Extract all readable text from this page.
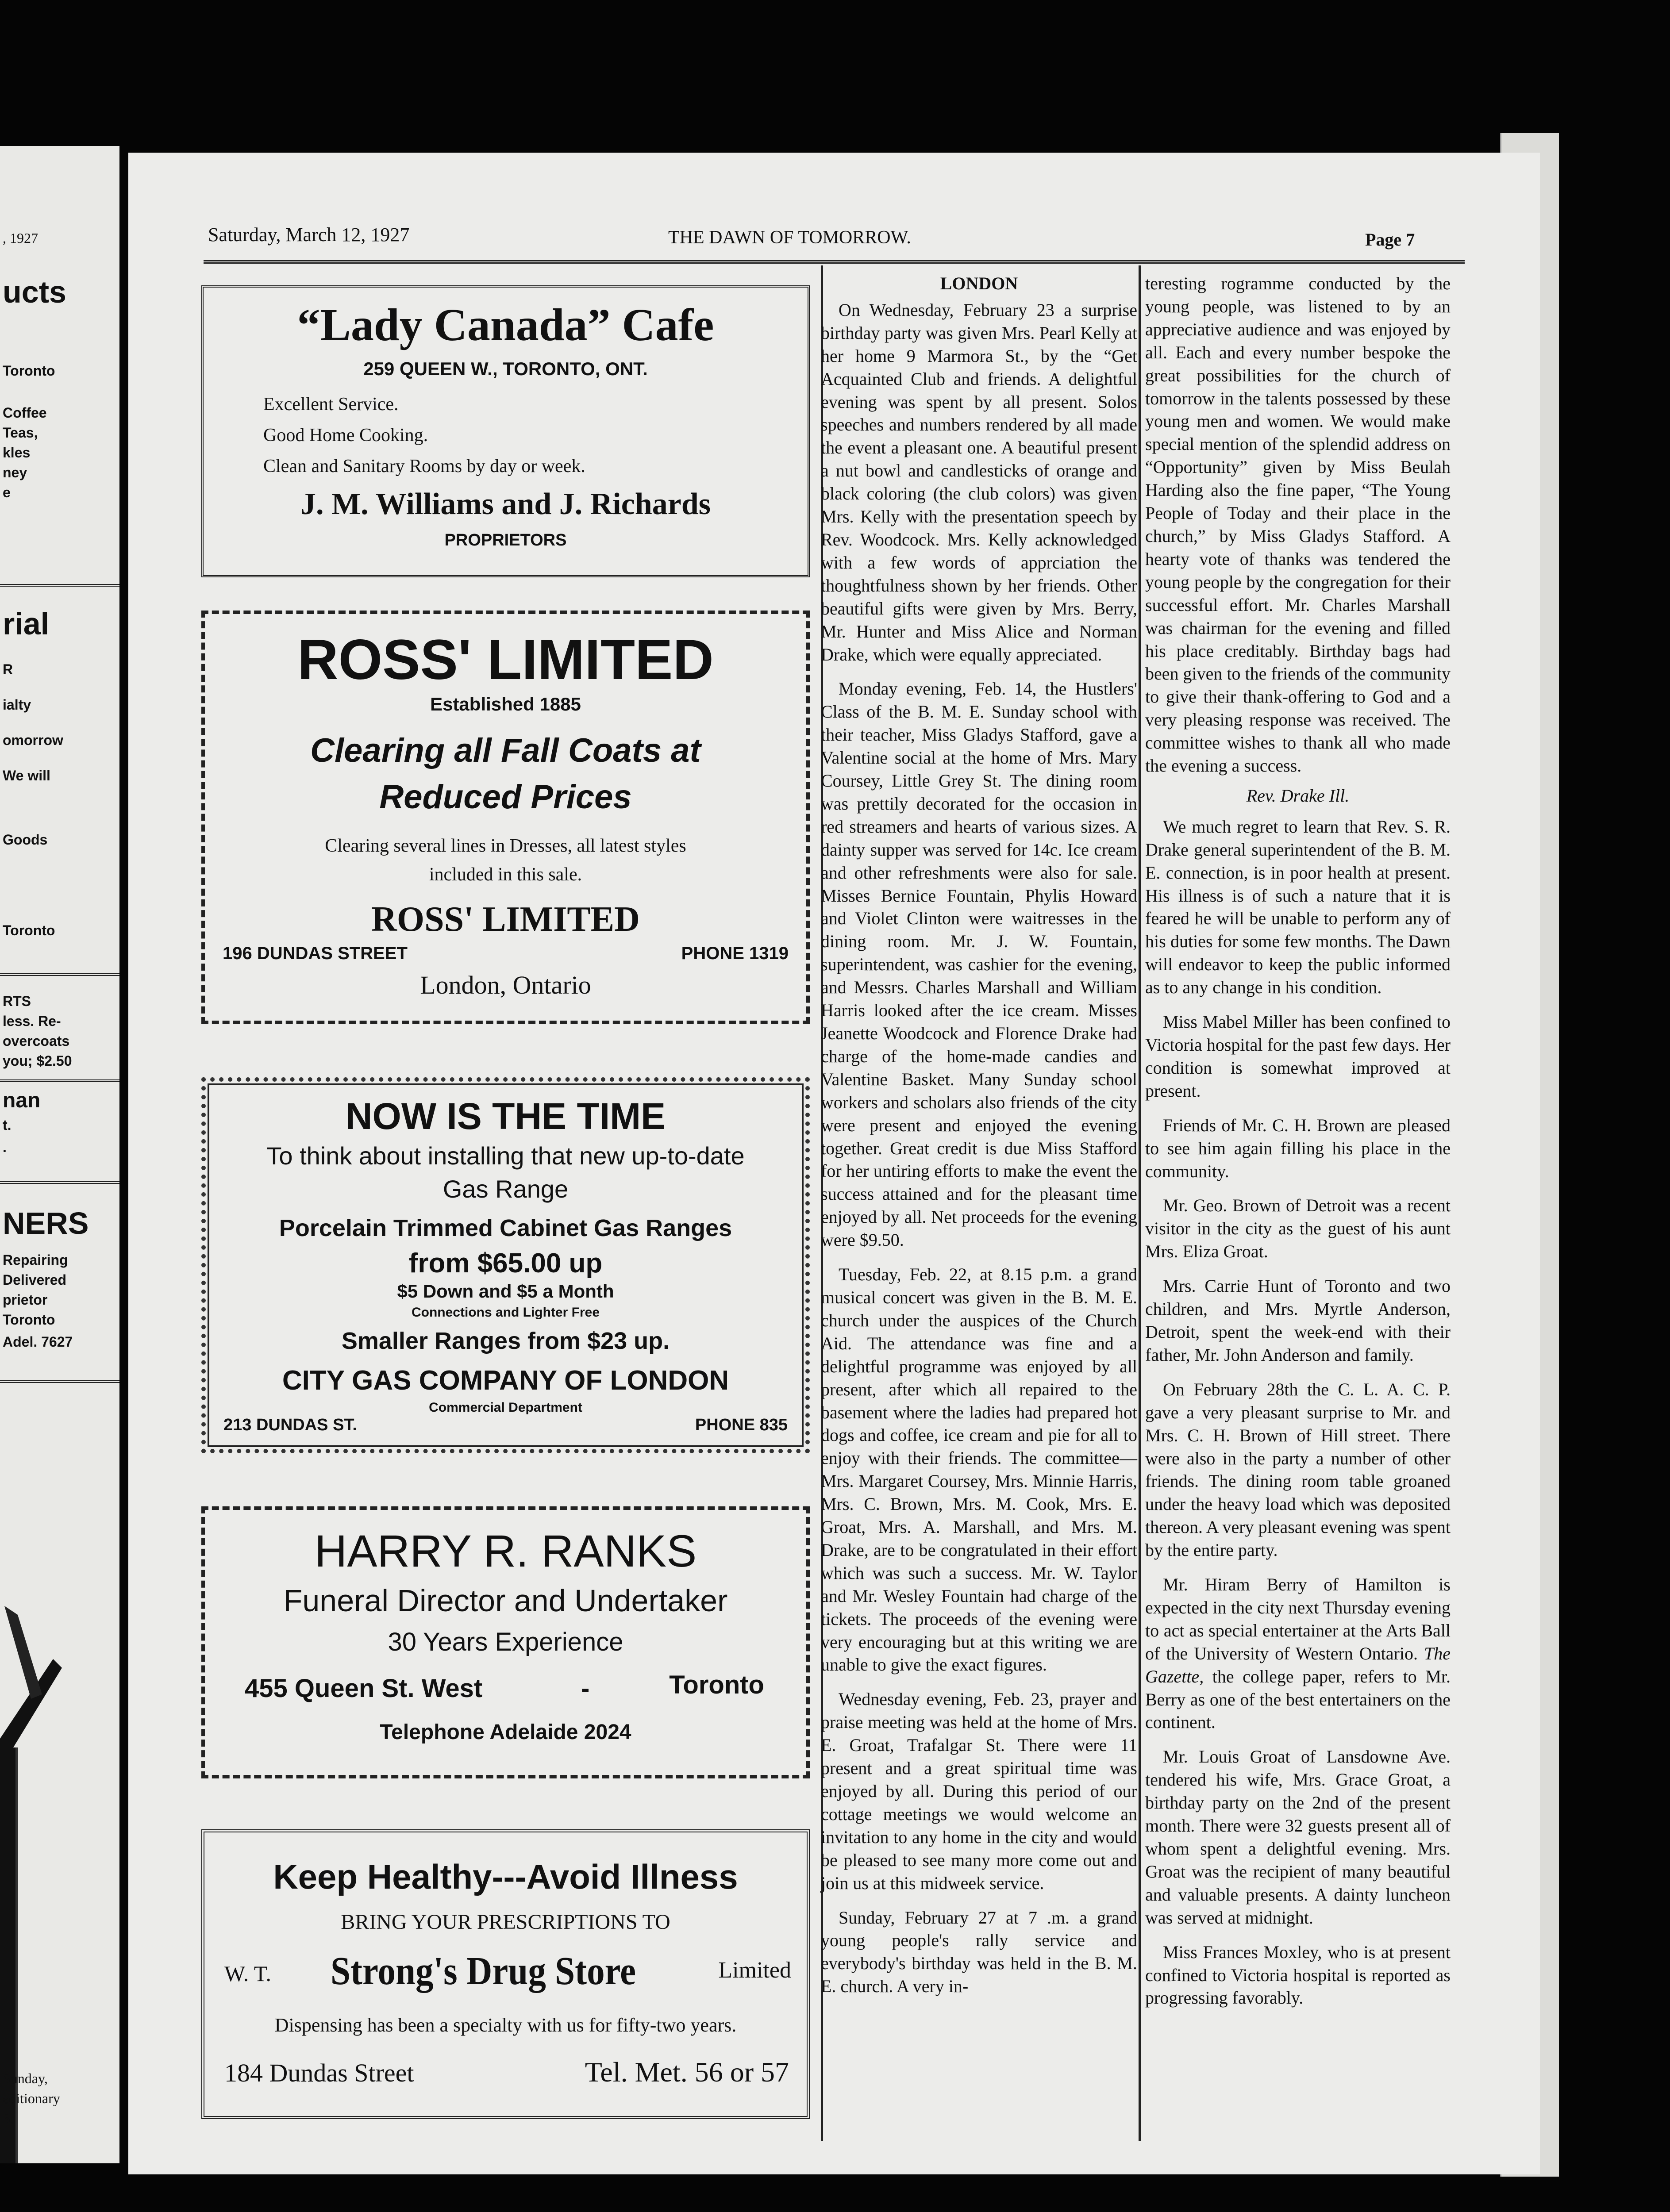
, 1927
ucts
Toronto
Coffee
Teas,
kles
ney
e
rial
R
ialty
omorrow
We will
Goods
Toronto
RTS
less. Re-
overcoats
you; $2.50
nan
t.
.
NERS
Repairing
Delivered
prietor
Toronto
Adel. 7627
Sunday,
editionary
S.
Saturday, March 12, 1927	THE DAWN OF TOMORROW.	Page 7
“Lady Canada” Cafe
259 QUEEN W., TORONTO, ONT.
Excellent Service.
Good Home Cooking.
Clean and Sanitary Rooms by day or week.
J. M. Williams and J. Richards
PROPRIETORS
ROSS' LIMITED
Established 1885
Clearing all Fall Coats at
Reduced Prices
Clearing several lines in Dresses, all latest styles
included in this sale.
ROSS' LIMITED
196 DUNDAS STREET	PHONE 1319
London, Ontario
NOW IS THE TIME
To think about installing that new up-to-date
Gas Range
Porcelain Trimmed Cabinet Gas Ranges
from $65.00 up
$5 Down and $5 a Month
Connections and Lighter Free
Smaller Ranges from $23 up.
CITY GAS COMPANY OF LONDON
Commercial Department
213 DUNDAS ST.	PHONE 835
HARRY R. RANKS
Funeral Director and Undertaker
30 Years Experience
455 Queen St. West	-	Toronto
Telephone Adelaide 2024
Keep Healthy---Avoid Illness
BRING YOUR PRESCRIPTIONS TO
W. T. Strong's Drug Store	Limited
Dispensing has been a specialty with us for fifty-two years.
184 Dundas Street	Tel. Met. 56 or 57
LONDON

On Wednesday, February 23 a surprise birthday party was given Mrs. Pearl Kelly at her home 9 Marmora St., by the “Get Acquainted Club and friends. A delightful evening was spent by all present. Solos speeches and numbers rendered by all made the event a pleasant one. A beautiful present a nut bowl and candlesticks of orange and black coloring (the club colors) was given Mrs. Kelly with the presentation speech by Rev. Woodcock. Mrs. Kelly acknowledged with a few words of apprciation the thoughtfulness shown by her friends. Other beautiful gifts were given by Mrs. Berry, Mr. Hunter and Miss Alice and Norman Drake, which were equally appreciated.

Monday evening, Feb. 14, the Hustlers' Class of the B. M. E. Sunday school with their teacher, Miss Gladys Stafford, gave a Valentine social at the home of Mrs. Mary Coursey, Little Grey St. The dining room was prettily decorated for the occasion in red streamers and hearts of various sizes. A dainty supper was served for 14c. Ice cream and other refreshments were also for sale. Misses Bernice Fountain, Phylis Howard and Violet Clinton were waitresses in the dining room. Mr. J. W. Fountain, superintendent, was cashier for the evening, and Messrs. Charles Marshall and William Harris looked after the ice cream. Misses Jeanette Woodcock and Florence Drake had charge of the home-made candies and Valentine Basket. Many Sunday school workers and scholars also friends of the city were present and enjoyed the evening together. Great credit is due Miss Stafford for her untiring efforts to make the event the success attained and for the pleasant time enjoyed by all. Net proceeds for the evening were $9.50.

Tuesday, Feb. 22, at 8.15 p.m. a grand musical concert was given in the B. M. E. church under the auspices of the Church Aid. The attendance was fine and a delightful programme was enjoyed by all present, after which all repaired to the basement where the ladies had prepared hot dogs and coffee, ice cream and pie for all to enjoy with their friends. The committee—Mrs. Margaret Coursey, Mrs. Minnie Harris, Mrs. C. Brown, Mrs. M. Cook, Mrs. E. Groat, Mrs. A. Marshall, and Mrs. M. Drake, are to be congratulated in their effort which was such a success. Mr. W. Taylor and Mr. Wesley Fountain had charge of the tickets. The proceeds of the evening were very encouraging but at this writing we are unable to give the exact figures.

Wednesday evening, Feb. 23, prayer and praise meeting was held at the home of Mrs. E. Groat, Trafalgar St. There were 11 present and a great spiritual time was enjoyed by all. During this period of our cottage meetings we would welcome an invitation to any home in the city and would be pleased to see many more come out and join us at this midweek service.

Sunday, February 27 at 7 .m. a grand young people's rally service and everybody's birthday was held in the B. M. E. church. A very in-

teresting rogramme conducted by the young people, was listened to by an appreciative audience and was enjoyed by all. Each and every number bespoke the great possibilities for the church of tomorrow in the talents possessed by these young men and women. We would make special mention of the splendid address on “Opportunity” given by Miss Beulah Harding also the fine paper, “The Young People of Today and their place in the church,” by Miss Gladys Stafford. A hearty vote of thanks was tendered the young people by the congregation for their successful effort. Mr. Charles Marshall was chairman for the evening and filled his place creditably. Birthday bags had been given to the friends of the community to give their thank-offering to God and a very pleasing response was received. The committee wishes to thank all who made the evening a success.

Rev. Drake Ill.

We much regret to learn that Rev. S. R. Drake general superintendent of the B. M. E. connection, is in poor health at present. His illness is of such a nature that it is feared he will be unable to perform any of his duties for some few months. The Dawn will endeavor to keep the public informed as to any change in his condition.

Miss Mabel Miller has been confined to Victoria hospital for the past few days. Her condition is somewhat improved at present.

Friends of Mr. C. H. Brown are pleased to see him again filling his place in the community.

Mr. Geo. Brown of Detroit was a recent visitor in the city as the guest of his aunt Mrs. Eliza Groat.

Mrs. Carrie Hunt of Toronto and two children, and Mrs. Myrtle Anderson, Detroit, spent the week-end with their father, Mr. John Anderson and family.

On February 28th the C. L. A. C. P. gave a very pleasant surprise to Mr. and Mrs. C. H. Brown of Hill street. There were also in the party a number of other friends. The dining room table groaned under the heavy load which was deposited thereon. A very pleasant evening was spent by the entire party.

Mr. Hiram Berry of Hamilton is expected in the city next Thursday evening to act as special entertainer at the Arts Ball of the University of Western Ontario. The Gazette, the college paper, refers to Mr. Berry as one of the best entertainers on the continent.

Mr. Louis Groat of Lansdowne Ave. tendered his wife, Mrs. Grace Groat, a birthday party on the 2nd of the present month. There were 32 guests present all of whom spent a delightful evening. Mrs. Groat was the recipient of many beautiful and valuable presents. A dainty luncheon was served at midnight.

Miss Frances Moxley, who is at present confined to Victoria hospital is reported as progressing favorably.
